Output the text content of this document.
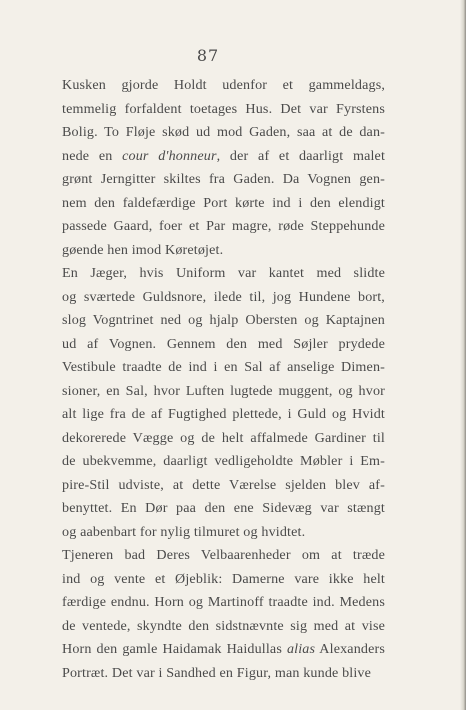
87

Kusken gjorde Holdt udenfor et gammeldags,
temmelig forfaldent toetages Hus. Det var Fyrstens
Bolig. To Fløje skød ud mod Gaden, saa at de dan-
nede en cour d'honneur, der af et daarligt malet
grønt Jerngitter skiltes fra Gaden. Da Vognen gen-
nem den faldefærdige Port kørte ind i den elendigt
passede Gaard, foer et Par magre, røde Steppehunde
gøende hen imod Køretøjet.

En Jæger, hvis Uniform var kantet med slidte
og sværtede Guldsnore, ilede til, jog Hundene bort,
slog Vogntrinet ned og hjalp Obersten og Kaptajnen
ud af Vognen. Gennem den med Søjler prydede
Vestibule traadte de ind i en Sal af anselige Dimen-
sioner, en Sal, hvor Luften lugtede muggent, og hvor
alt lige fra de af Fugtighed plettede, i Guld og Hvidt
dekorerede Vægge og de helt affalmede Gardiner til
de ubekvemme, daarligt vedligeholdte Møbler i Em-
pire-Stil udviste, at dette Værelse sjelden blev af-
benyttet. En Dør paa den ene Sidevæg var stængt
og aabenbart for nylig tilmuret og hvidtet.

Tjeneren bad Deres Velbaarenheder om at træde
ind og vente et Øjeblik: Damerne vare ikke helt
færdige endnu. Horn og Martinoff traadte ind. Medens
de ventede, skyndte den sidstnævnte sig med at vise
Horn den gamle Haidamak Haidullas alias Alexanders
Portræt. Det var i Sandhed en Figur, man kunde blive
